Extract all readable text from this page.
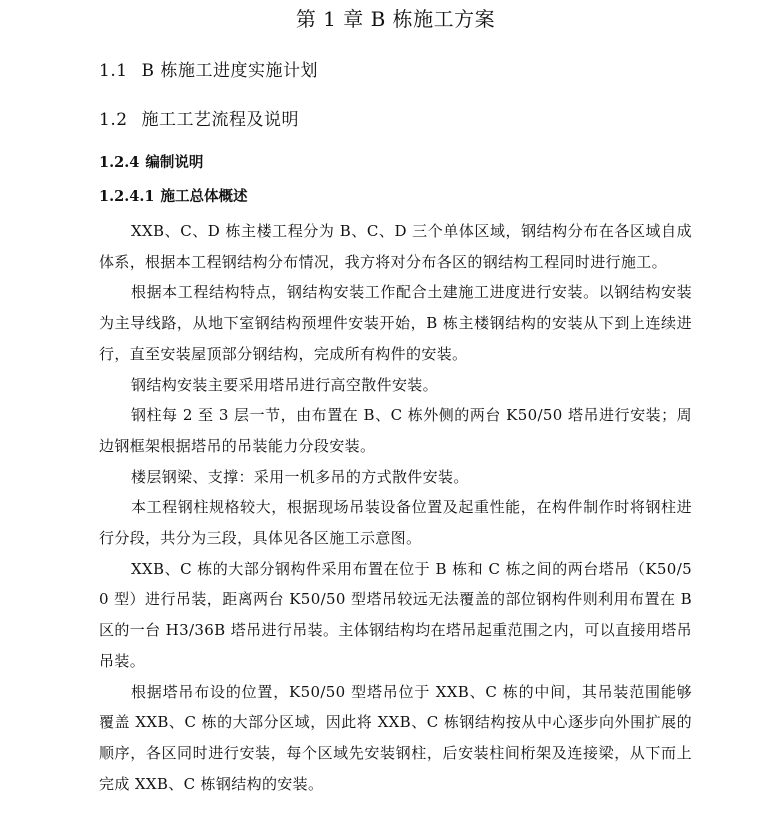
第 1 章 B 栋施工方案
1.1 B 栋施工进度实施计划
1.2 施工工艺流程及说明
1.2.4 编制说明
1.2.4.1 施工总体概述

XXB、C、D 栋主楼工程分为 B、C、D 三个单体区域，钢结构分布在各区域自成体系，根据本工程钢结构分布情况，我方将对分布各区的钢结构工程同时进行施工。

根据本工程结构特点，钢结构安装工作配合土建施工进度进行安装。以钢结构安装为主导线路，从地下室钢结构预埋件安装开始，B 栋主楼钢结构的安装从下到上连续进行，直至安装屋顶部分钢结构，完成所有构件的安装。

钢结构安装主要采用塔吊进行高空散件安装。

钢柱每 2 至 3 层一节，由布置在 B、C 栋外侧的两台 K50/50 塔吊进行安装；周边钢框架根据塔吊的吊装能力分段安装。

楼层钢梁、支撑：采用一机多吊的方式散件安装。

本工程钢柱规格较大，根据现场吊装设备位置及起重性能，在构件制作时将钢柱进行分段，共分为三段，具体见各区施工示意图。

XXB、C 栋的大部分钢构件采用布置在位于 B 栋和 C 栋之间的两台塔吊（K50/50 型）进行吊装，距离两台 K50/50 型塔吊较远无法覆盖的部位钢构件则利用布置在 B 区的一台 H3/36B 塔吊进行吊装。主体钢结构均在塔吊起重范围之内，可以直接用塔吊吊装。

根据塔吊布设的位置，K50/50 型塔吊位于 XXB、C 栋的中间，其吊装范围能够覆盖 XXB、C 栋的大部分区域，因此将 XXB、C 栋钢结构按从中心逐步向外围扩展的顺序，各区同时进行安装，每个区域先安装钢柱，后安装柱间桁架及连接梁，从下而上完成 XXB、C 栋钢结构的安装。
